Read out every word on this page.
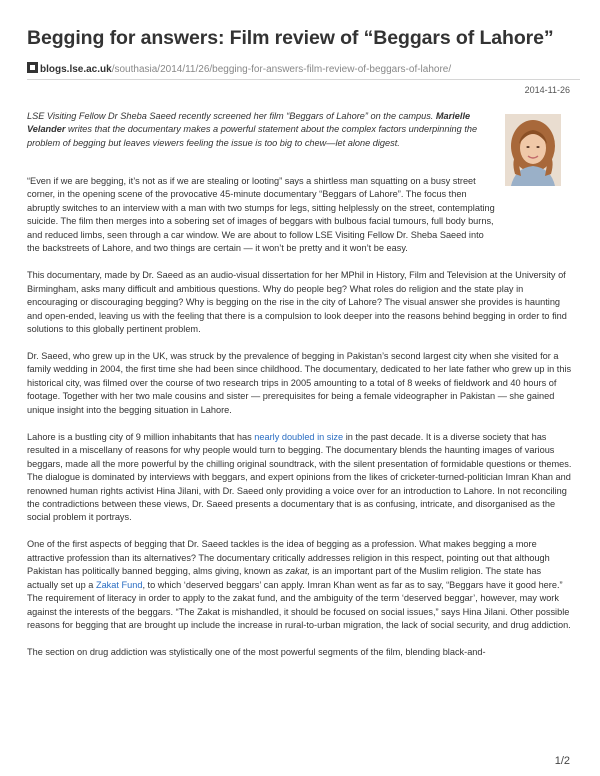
Begging for answers: Film review of “Beggars of Lahore”
blogs.lse.ac.uk/southasia/2014/11/26/begging-for-answers-film-review-of-beggars-of-lahore/
2014-11-26
LSE Visiting Fellow Dr Sheba Saeed recently screened her film “Beggars of Lahore” on the campus. Marielle Velander writes that the documentary makes a powerful statement about the complex factors underpinning the problem of begging but leaves viewers feeling the issue is too big to chew—let alone digest.

“Even if we are begging, it’s not as if we are stealing or looting” says a shirtless man squatting on a busy street corner, in the opening scene of the provocative 45-minute documentary “Beggars of Lahore”. The focus then abruptly switches to an interview with a man with two stumps for legs, sitting helplessly on the street, contemplating suicide. The film then merges into a sobering set of images of beggars with bulbous facial tumours, full body burns, and reduced limbs, seen through a car window. We are about to follow LSE Visiting Fellow Dr. Sheba Saeed into the backstreets of Lahore, and two things are certain — it won’t be pretty and it won’t be easy.

This documentary, made by Dr. Saeed as an audio-visual dissertation for her MPhil in History, Film and Television at the University of Birmingham, asks many difficult and ambitious questions. Why do people beg? What roles do religion and the state play in encouraging or discouraging begging? Why is begging on the rise in the city of Lahore? The visual answer she provides is haunting and open-ended, leaving us with the feeling that there is a compulsion to look deeper into the reasons behind begging in order to find solutions to this globally pertinent problem.

Dr. Saeed, who grew up in the UK, was struck by the prevalence of begging in Pakistan’s second largest city when she visited for a family wedding in 2004, the first time she had been since childhood. The documentary, dedicated to her late father who grew up in this historical city, was filmed over the course of two research trips in 2005 amounting to a total of 8 weeks of fieldwork and 40 hours of footage. Together with her two male cousins and sister — prerequisites for being a female videographer in Pakistan — she gained unique insight into the begging situation in Lahore.

Lahore is a bustling city of 9 million inhabitants that has nearly doubled in size in the past decade. It is a diverse society that has resulted in a miscellany of reasons for why people would turn to begging. The documentary blends the haunting images of various beggars, made all the more powerful by the chilling original soundtrack, with the silent presentation of formidable questions or themes. The dialogue is dominated by interviews with beggars, and expert opinions from the likes of cricketer-turned-politician Imran Khan and renowned human rights activist Hina Jilani, with Dr. Saeed only providing a voice over for an introduction to Lahore. In not reconciling the contradictions between these views, Dr. Saeed presents a documentary that is as confusing, intricate, and disorganised as the social problem it portrays.

One of the first aspects of begging that Dr. Saeed tackles is the idea of begging as a profession. What makes begging a more attractive profession than its alternatives? The documentary critically addresses religion in this respect, pointing out that although Pakistan has politically banned begging, alms giving, known as zakat, is an important part of the Muslim religion. The state has actually set up a Zakat Fund, to which ‘deserved beggars’ can apply. Imran Khan went as far as to say, “Beggars have it good here.” The requirement of literacy in order to apply to the zakat fund, and the ambiguity of the term ‘deserved beggar’, however, may work against the interests of the beggars. “The Zakat is mishandled, it should be focused on social issues,” says Hina Jilani. Other possible reasons for begging that are brought up include the increase in rural-to-urban migration, the lack of social security, and drug addiction.

The section on drug addiction was stylistically one of the most powerful segments of the film, blending black-and-

1/2
